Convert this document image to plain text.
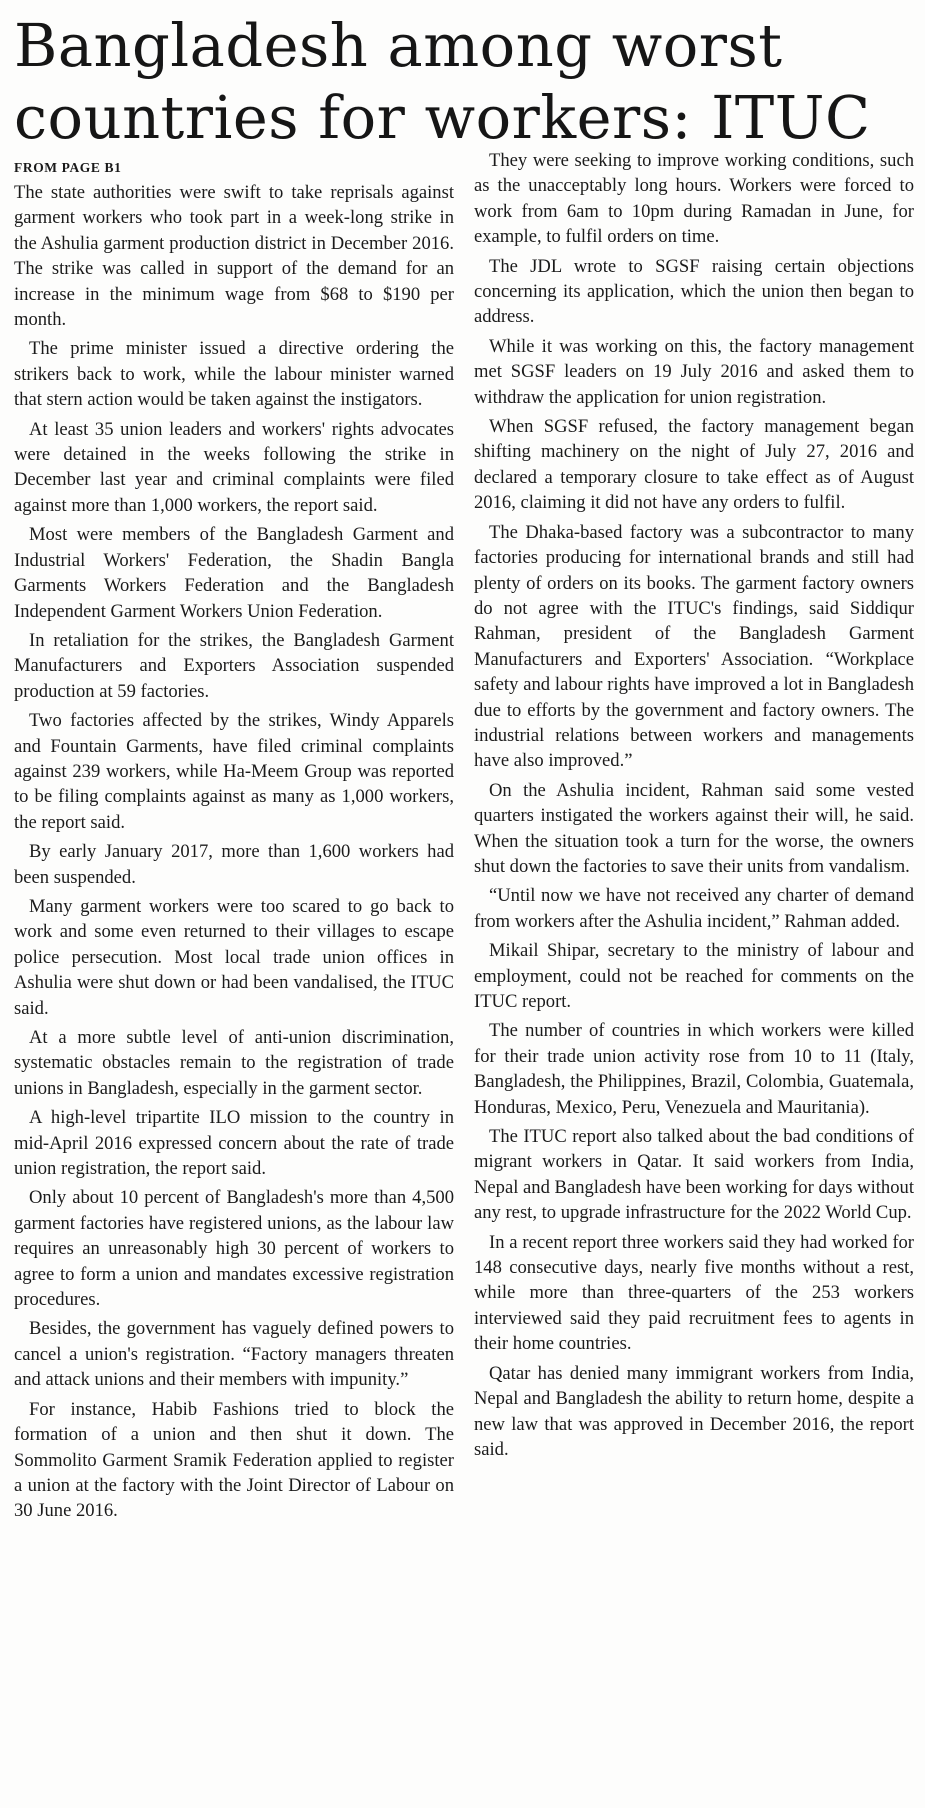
Bangladesh among worst
countries for workers: ITUC
FROM PAGE B1

The state authorities were swift to take reprisals against garment workers who took part in a week-long strike in the Ashulia garment production district in December 2016. The strike was called in support of the demand for an increase in the minimum wage from $68 to $190 per month.

The prime minister issued a directive ordering the strikers back to work, while the labour minister warned that stern action would be taken against the instigators.

At least 35 union leaders and workers' rights advocates were detained in the weeks following the strike in December last year and criminal complaints were filed against more than 1,000 workers, the report said.

Most were members of the Bangladesh Garment and Industrial Workers' Federation, the Shadin Bangla Garments Workers Federation and the Bangladesh Independent Garment Workers Union Federation.

In retaliation for the strikes, the Bangladesh Garment Manufacturers and Exporters Association suspended production at 59 factories.

Two factories affected by the strikes, Windy Apparels and Fountain Garments, have filed criminal complaints against 239 workers, while Ha-Meem Group was reported to be filing complaints against as many as 1,000 workers, the report said.

By early January 2017, more than 1,600 workers had been suspended.

Many garment workers were too scared to go back to work and some even returned to their villages to escape police persecution. Most local trade union offices in Ashulia were shut down or had been vandalised, the ITUC said.

At a more subtle level of anti-union discrimination, systematic obstacles remain to the registration of trade unions in Bangladesh, especially in the garment sector.

A high-level tripartite ILO mission to the country in mid-April 2016 expressed concern about the rate of trade union registration, the report said.

Only about 10 percent of Bangladesh's more than 4,500 garment factories have registered unions, as the labour law requires an unreasonably high 30 percent of workers to agree to form a union and mandates excessive registration procedures.

Besides, the government has vaguely defined powers to cancel a union's registration. “Factory managers threaten and attack unions and their members with impunity.”

For instance, Habib Fashions tried to block the formation of a union and then shut it down. The Sommolito Garment Sramik Federation applied to register a union at the factory with the Joint Director of Labour on 30 June 2016.

They were seeking to improve working conditions, such as the unacceptably long hours. Workers were forced to work from 6am to 10pm during Ramadan in June, for example, to fulfil orders on time.

The JDL wrote to SGSF raising certain objections concerning its application, which the union then began to address.

While it was working on this, the factory management met SGSF leaders on 19 July 2016 and asked them to withdraw the application for union registration.

When SGSF refused, the factory management began shifting machinery on the night of July 27, 2016 and declared a temporary closure to take effect as of August 2016, claiming it did not have any orders to fulfil.

The Dhaka-based factory was a subcontractor to many factories producing for international brands and still had plenty of orders on its books. The garment factory owners do not agree with the ITUC's findings, said Siddiqur Rahman, president of the Bangladesh Garment Manufacturers and Exporters' Association. “Workplace safety and labour rights have improved a lot in Bangladesh due to efforts by the government and factory owners. The industrial relations between workers and managements have also improved.”

On the Ashulia incident, Rahman said some vested quarters instigated the workers against their will, he said. When the situation took a turn for the worse, the owners shut down the factories to save their units from vandalism.

“Until now we have not received any charter of demand from workers after the Ashulia incident,” Rahman added.

Mikail Shipar, secretary to the ministry of labour and employment, could not be reached for comments on the ITUC report.

The number of countries in which workers were killed for their trade union activity rose from 10 to 11 (Italy, Bangladesh, the Philippines, Brazil, Colombia, Guatemala, Honduras, Mexico, Peru, Venezuela and Mauritania).

The ITUC report also talked about the bad conditions of migrant workers in Qatar. It said workers from India, Nepal and Bangladesh have been working for days without any rest, to upgrade infrastructure for the 2022 World Cup.

In a recent report three workers said they had worked for 148 consecutive days, nearly five months without a rest, while more than three-quarters of the 253 workers interviewed said they paid recruitment fees to agents in their home countries.

Qatar has denied many immigrant workers from India, Nepal and Bangladesh the ability to return home, despite a new law that was approved in December 2016, the report said.
